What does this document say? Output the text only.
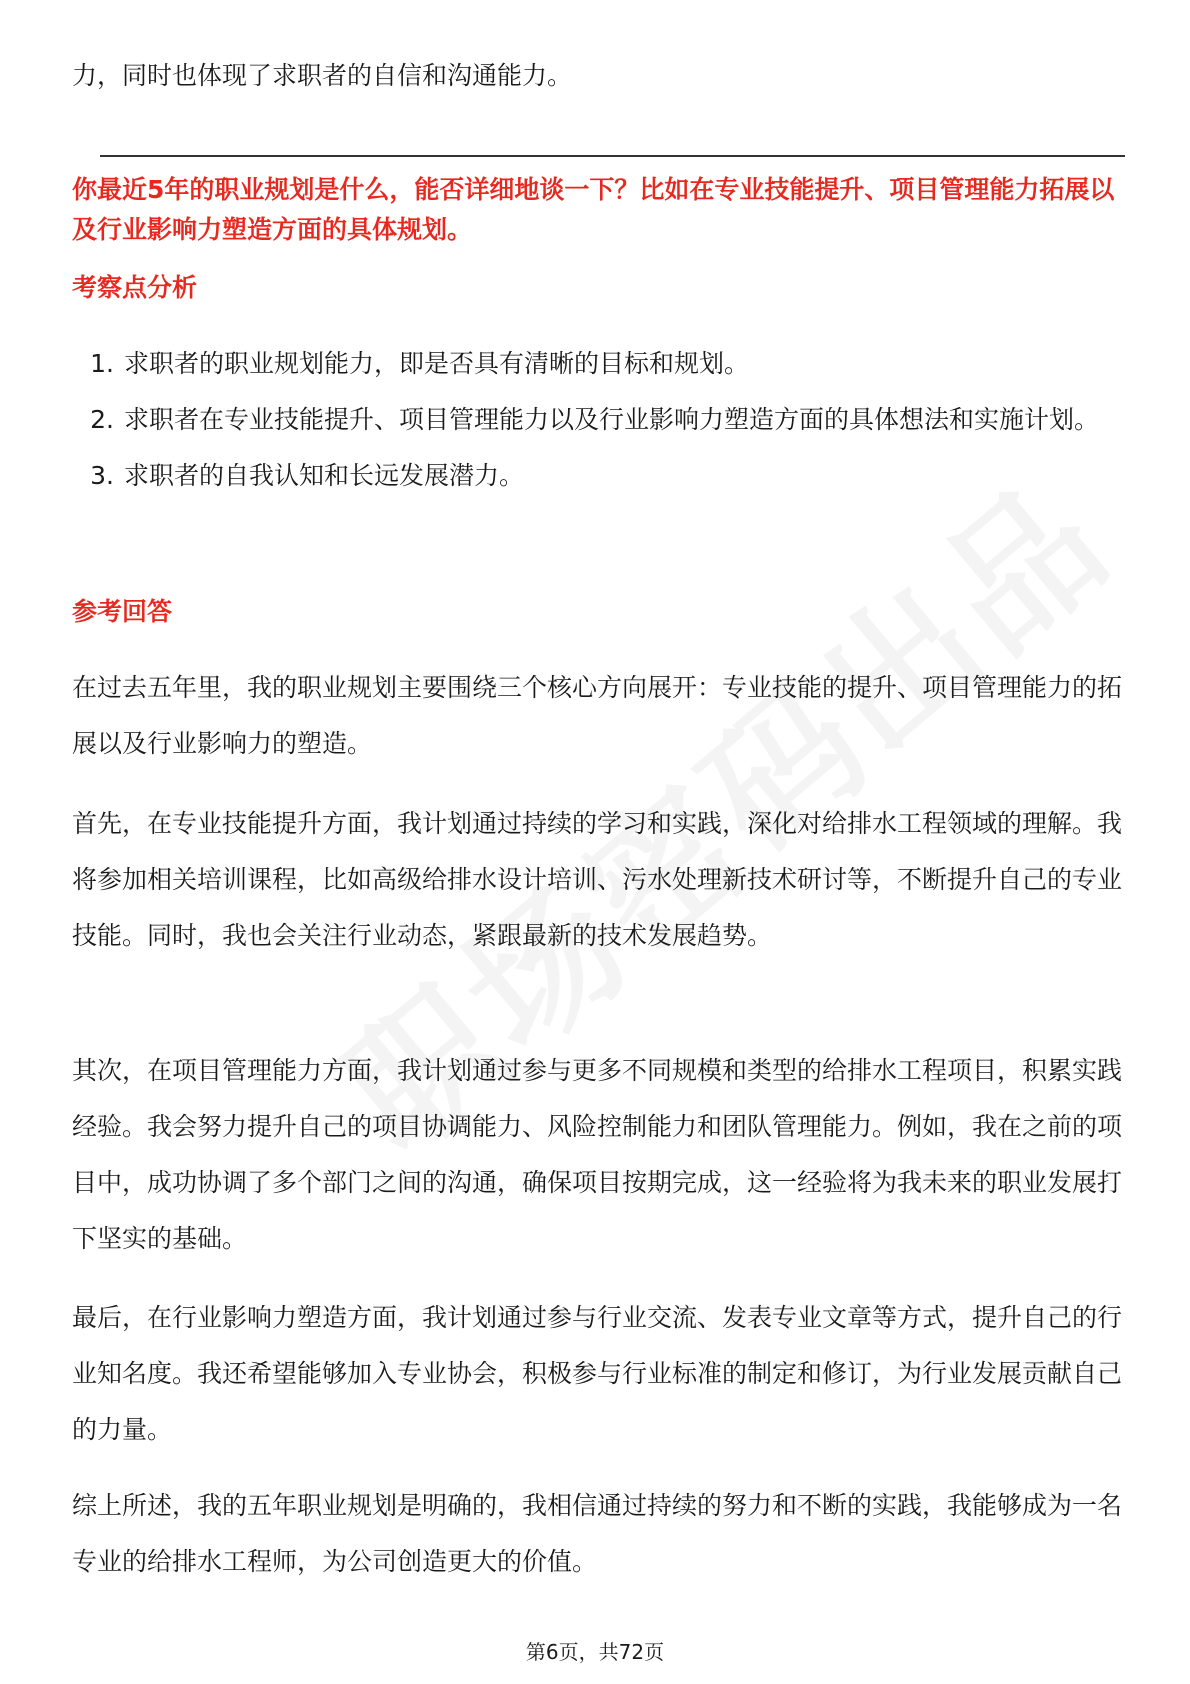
力，同时也体现了求职者的自信和沟通能力。

你最近5年的职业规划是什么，能否详细地谈一下？比如在专业技能提升、项目管理能力拓展以及行业影响力塑造方面的具体规划。

考察点分析
1. 求职者的职业规划能力，即是否具有清晰的目标和规划。
2. 求职者在专业技能提升、项目管理能力以及行业影响力塑造方面的具体想法和实施计划。
3. 求职者的自我认知和长远发展潜力。
参考回答

在过去五年里，我的职业规划主要围绕三个核心方向展开：专业技能的提升、项目管理能力的拓展以及行业影响力的塑造。

首先，在专业技能提升方面，我计划通过持续的学习和实践，深化对给排水工程领域的理解。我将参加相关培训课程，比如高级给排水设计培训、污水处理新技术研讨等，不断提升自己的专业技能。同时，我也会关注行业动态，紧跟最新的技术发展趋势。

其次，在项目管理能力方面，我计划通过参与更多不同规模和类型的给排水工程项目，积累实践经验。我会努力提升自己的项目协调能力、风险控制能力和团队管理能力。例如，我在之前的项目中，成功协调了多个部门之间的沟通，确保项目按期完成，这一经验将为我未来的职业发展打下坚实的基础。

最后，在行业影响力塑造方面，我计划通过参与行业交流、发表专业文章等方式，提升自己的行业知名度。我还希望能够加入专业协会，积极参与行业标准的制定和修订，为行业发展贡献自己的力量。

综上所述，我的五年职业规划是明确的，我相信通过持续的努力和不断的实践，我能够成为一名专业的给排水工程师，为公司创造更大的价值。

第6页，共72页
